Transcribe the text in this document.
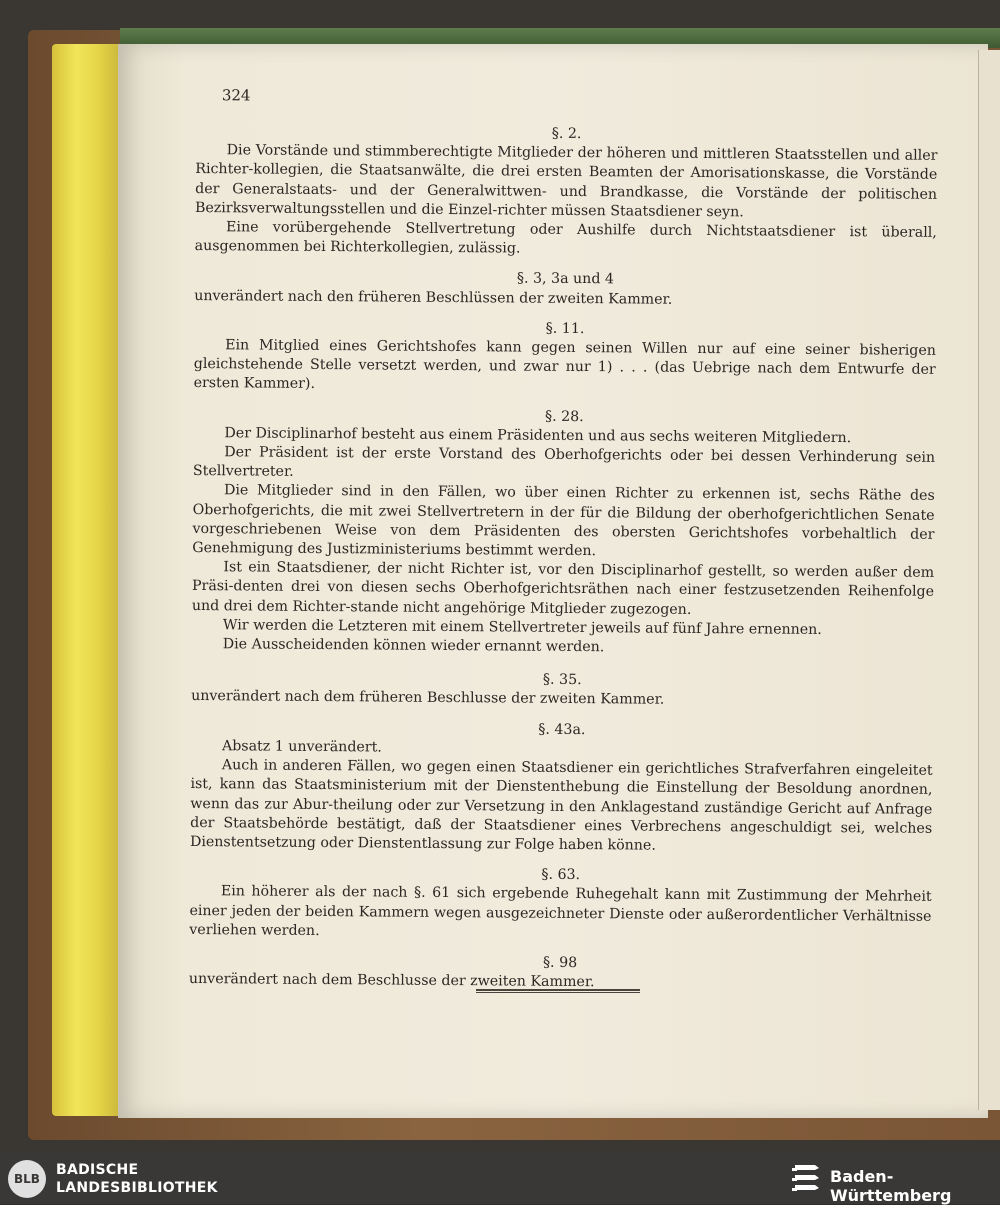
324

§. 2.

Die Vorstände und stimmberechtigte Mitglieder der höheren und mittleren Staatsstellen und aller Richter-kollegien, die Staatsanwälte, die drei ersten Beamten der Amorisationskasse, die Vorstände der Generalstaats- und der Generalwittwen- und Brandkasse, die Vorstände der politischen Bezirksverwaltungsstellen und die Einzel-richter müssen Staatsdiener seyn.

Eine vorübergehende Stellvertretung oder Aushilfe durch Nichtstaatsdiener ist überall, ausgenommen bei Richterkollegien, zulässig.

§. 3, 3a und 4

unverändert nach den früheren Beschlüssen der zweiten Kammer.

§. 11.

Ein Mitglied eines Gerichtshofes kann gegen seinen Willen nur auf eine seiner bisherigen gleichstehende Stelle versetzt werden, und zwar nur 1) . . . (das Uebrige nach dem Entwurfe der ersten Kammer).

§. 28.

Der Disciplinarhof besteht aus einem Präsidenten und aus sechs weiteren Mitgliedern.

Der Präsident ist der erste Vorstand des Oberhofgerichts oder bei dessen Verhinderung sein Stellvertreter.

Die Mitglieder sind in den Fällen, wo über einen Richter zu erkennen ist, sechs Räthe des Oberhofgerichts, die mit zwei Stellvertretern in der für die Bildung der oberhofgerichtlichen Senate vorgeschriebenen Weise von dem Präsidenten des obersten Gerichtshofes vorbehaltlich der Genehmigung des Justizministeriums bestimmt werden.

Ist ein Staatsdiener, der nicht Richter ist, vor den Disciplinarhof gestellt, so werden außer dem Präsi-denten drei von diesen sechs Oberhofgerichtsräthen nach einer festzusetzenden Reihenfolge und drei dem Richter-stande nicht angehörige Mitglieder zugezogen.

Wir werden die Letzteren mit einem Stellvertreter jeweils auf fünf Jahre ernennen.

Die Ausscheidenden können wieder ernannt werden.

§. 35.

unverändert nach dem früheren Beschlusse der zweiten Kammer.

§. 43a.

Absatz 1 unverändert.

Auch in anderen Fällen, wo gegen einen Staatsdiener ein gerichtliches Strafverfahren eingeleitet ist, kann das Staatsministerium mit der Dienstenthebung die Einstellung der Besoldung anordnen, wenn das zur Abur-theilung oder zur Versetzung in den Anklagestand zuständige Gericht auf Anfrage der Staatsbehörde bestätigt, daß der Staatsdiener eines Verbrechens angeschuldigt sei, welches Dienstentsetzung oder Dienstentlassung zur Folge haben könne.

§. 63.

Ein höherer als der nach §. 61 sich ergebende Ruhegehalt kann mit Zustimmung der Mehrheit einer jeden der beiden Kammern wegen ausgezeichneter Dienste oder außerordentlicher Verhältnisse verliehen werden.

§. 98

unverändert nach dem Beschlusse der zweiten Kammer.

BLB
BADISCHE
LANDESBIBLIOTHEK
Baden-Württemberg
